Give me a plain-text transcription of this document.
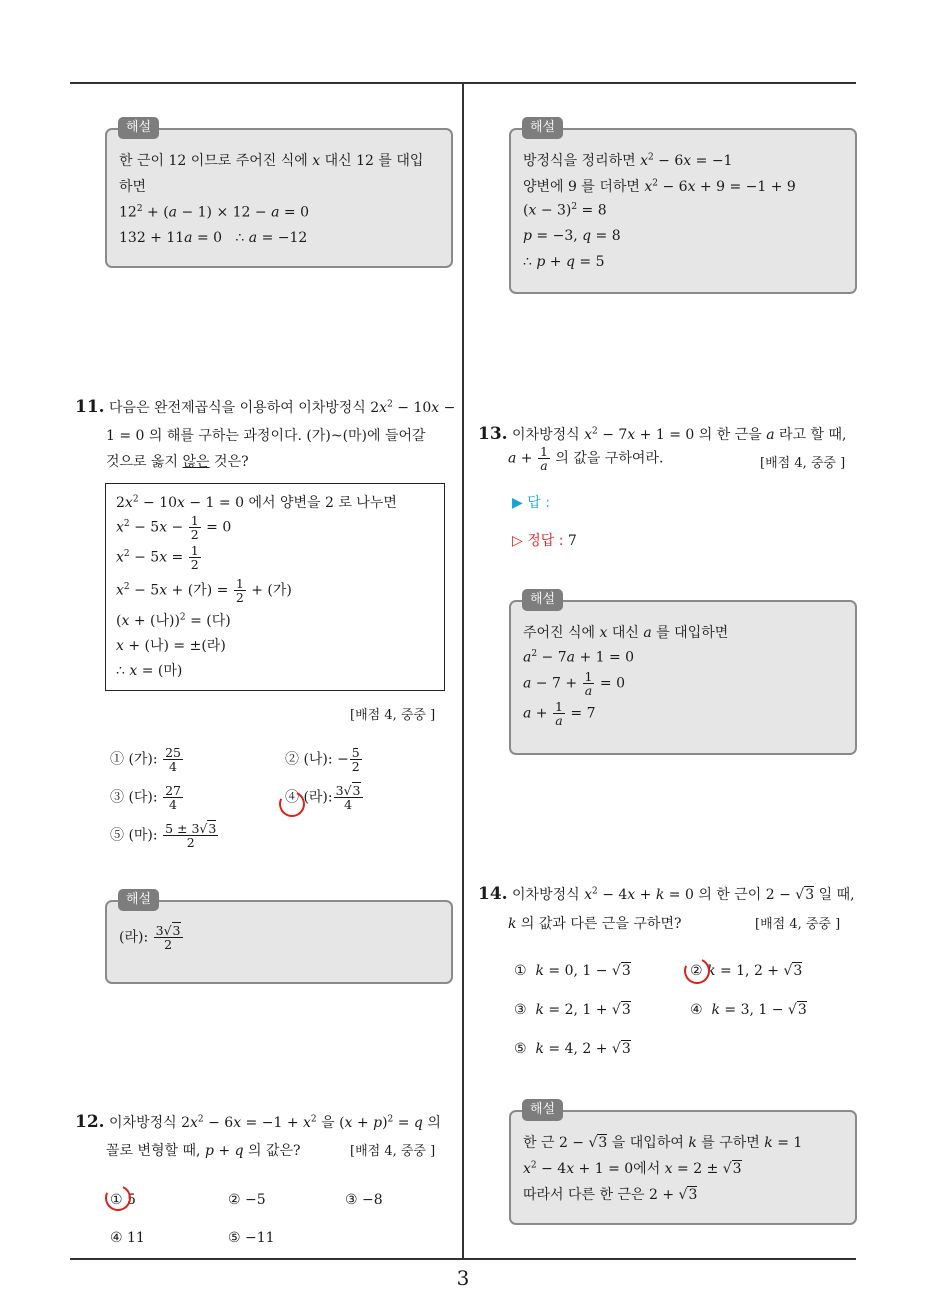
3
한 근이 12 이므로 주어진 식에 x 대신 12 를 대입
하면
$12^2 + (a - 1) \times 12 - a = 0$
132 + 11a = 0   ∴ a = −12
해설
11. 다음은 완전제곱식을 이용하여 이차방정식 $2x^2 - 10x$ −
1 = 0 의 해를 구하는 과정이다. (가)~(마)에 들어갈
것으로 옳지 않은 것은?
$2x^2 - 10x - 1 = 0$ 에서 양변을 2 로 나누면
$x^2 - 5x - \frac{1}{2} = 0$
$x^2 - 5x = \frac{1}{2}$
$x^2 - 5x$ + (가) = $\frac{1}{2}$ + (가)
(x + (나))$^2$ = (다)
x + (나) = ±(라)
∴ x = (마)
[배점 4, 중중 ]
① (가): $\frac{25}{4}$	② (나): − $\frac{5}{2}$
③ (다): $\frac{27}{4}$	④ (라): $\frac{3√3}{4}$
⑤ (마): $\frac{5 \pm 3√3}{2}$
(라): $\frac{3√3}{2}$
해설
12. 이차방정식 $2x^2 - 6x = -1 + x^2$ 을 $(x + p)^2 = q$ 의
꼴로 변형할 때, p + q 의 값은?	[배점 4, 중중 ]
① 5	② −5	③ −8
④ 11	⑤ −11
방정식을 정리하면 $x^2 - 6x = -1$
양변에 9 를 더하면 $x^2 - 6x + 9 = -1 + 9$
$(x - 3)^2 = 8$
p = −3, q = 8
∴ p + q = 5
해설
13. 이차방정식 $x^2 - 7x + 1 = 0$ 의 한 근을 a 라고 할 때,
$a + \frac{1}{a}$ 의 값을 구하여라.	[배점 4, 중중 ]
▶ 답 :
▷ 정답 : 7
주어진 식에 x 대신 a 를 대입하면
$a^2 - 7a + 1 = 0$
$a - 7 + \frac{1}{a} = 0$
$a + \frac{1}{a} = 7$
해설
14. 이차방정식 $x^2 - 4x + k = 0$ 의 한 근이 2 − √3 일 때,
k 의 값과 다른 근을 구하면?	[배점 4, 중중 ]
①  k = 0, 1 − √3	② k = 1, 2 + √3
③  k = 2, 1 + √3	④  k = 3, 1 − √3
⑤  k = 4, 2 + √3
한 근 2 − √3 을 대입하여 k 를 구하면 k = 1
$x^2 - 4x + 1 = 0$에서 x = 2 ± √3
따라서 다른 한 근은 2 + √3
해설
